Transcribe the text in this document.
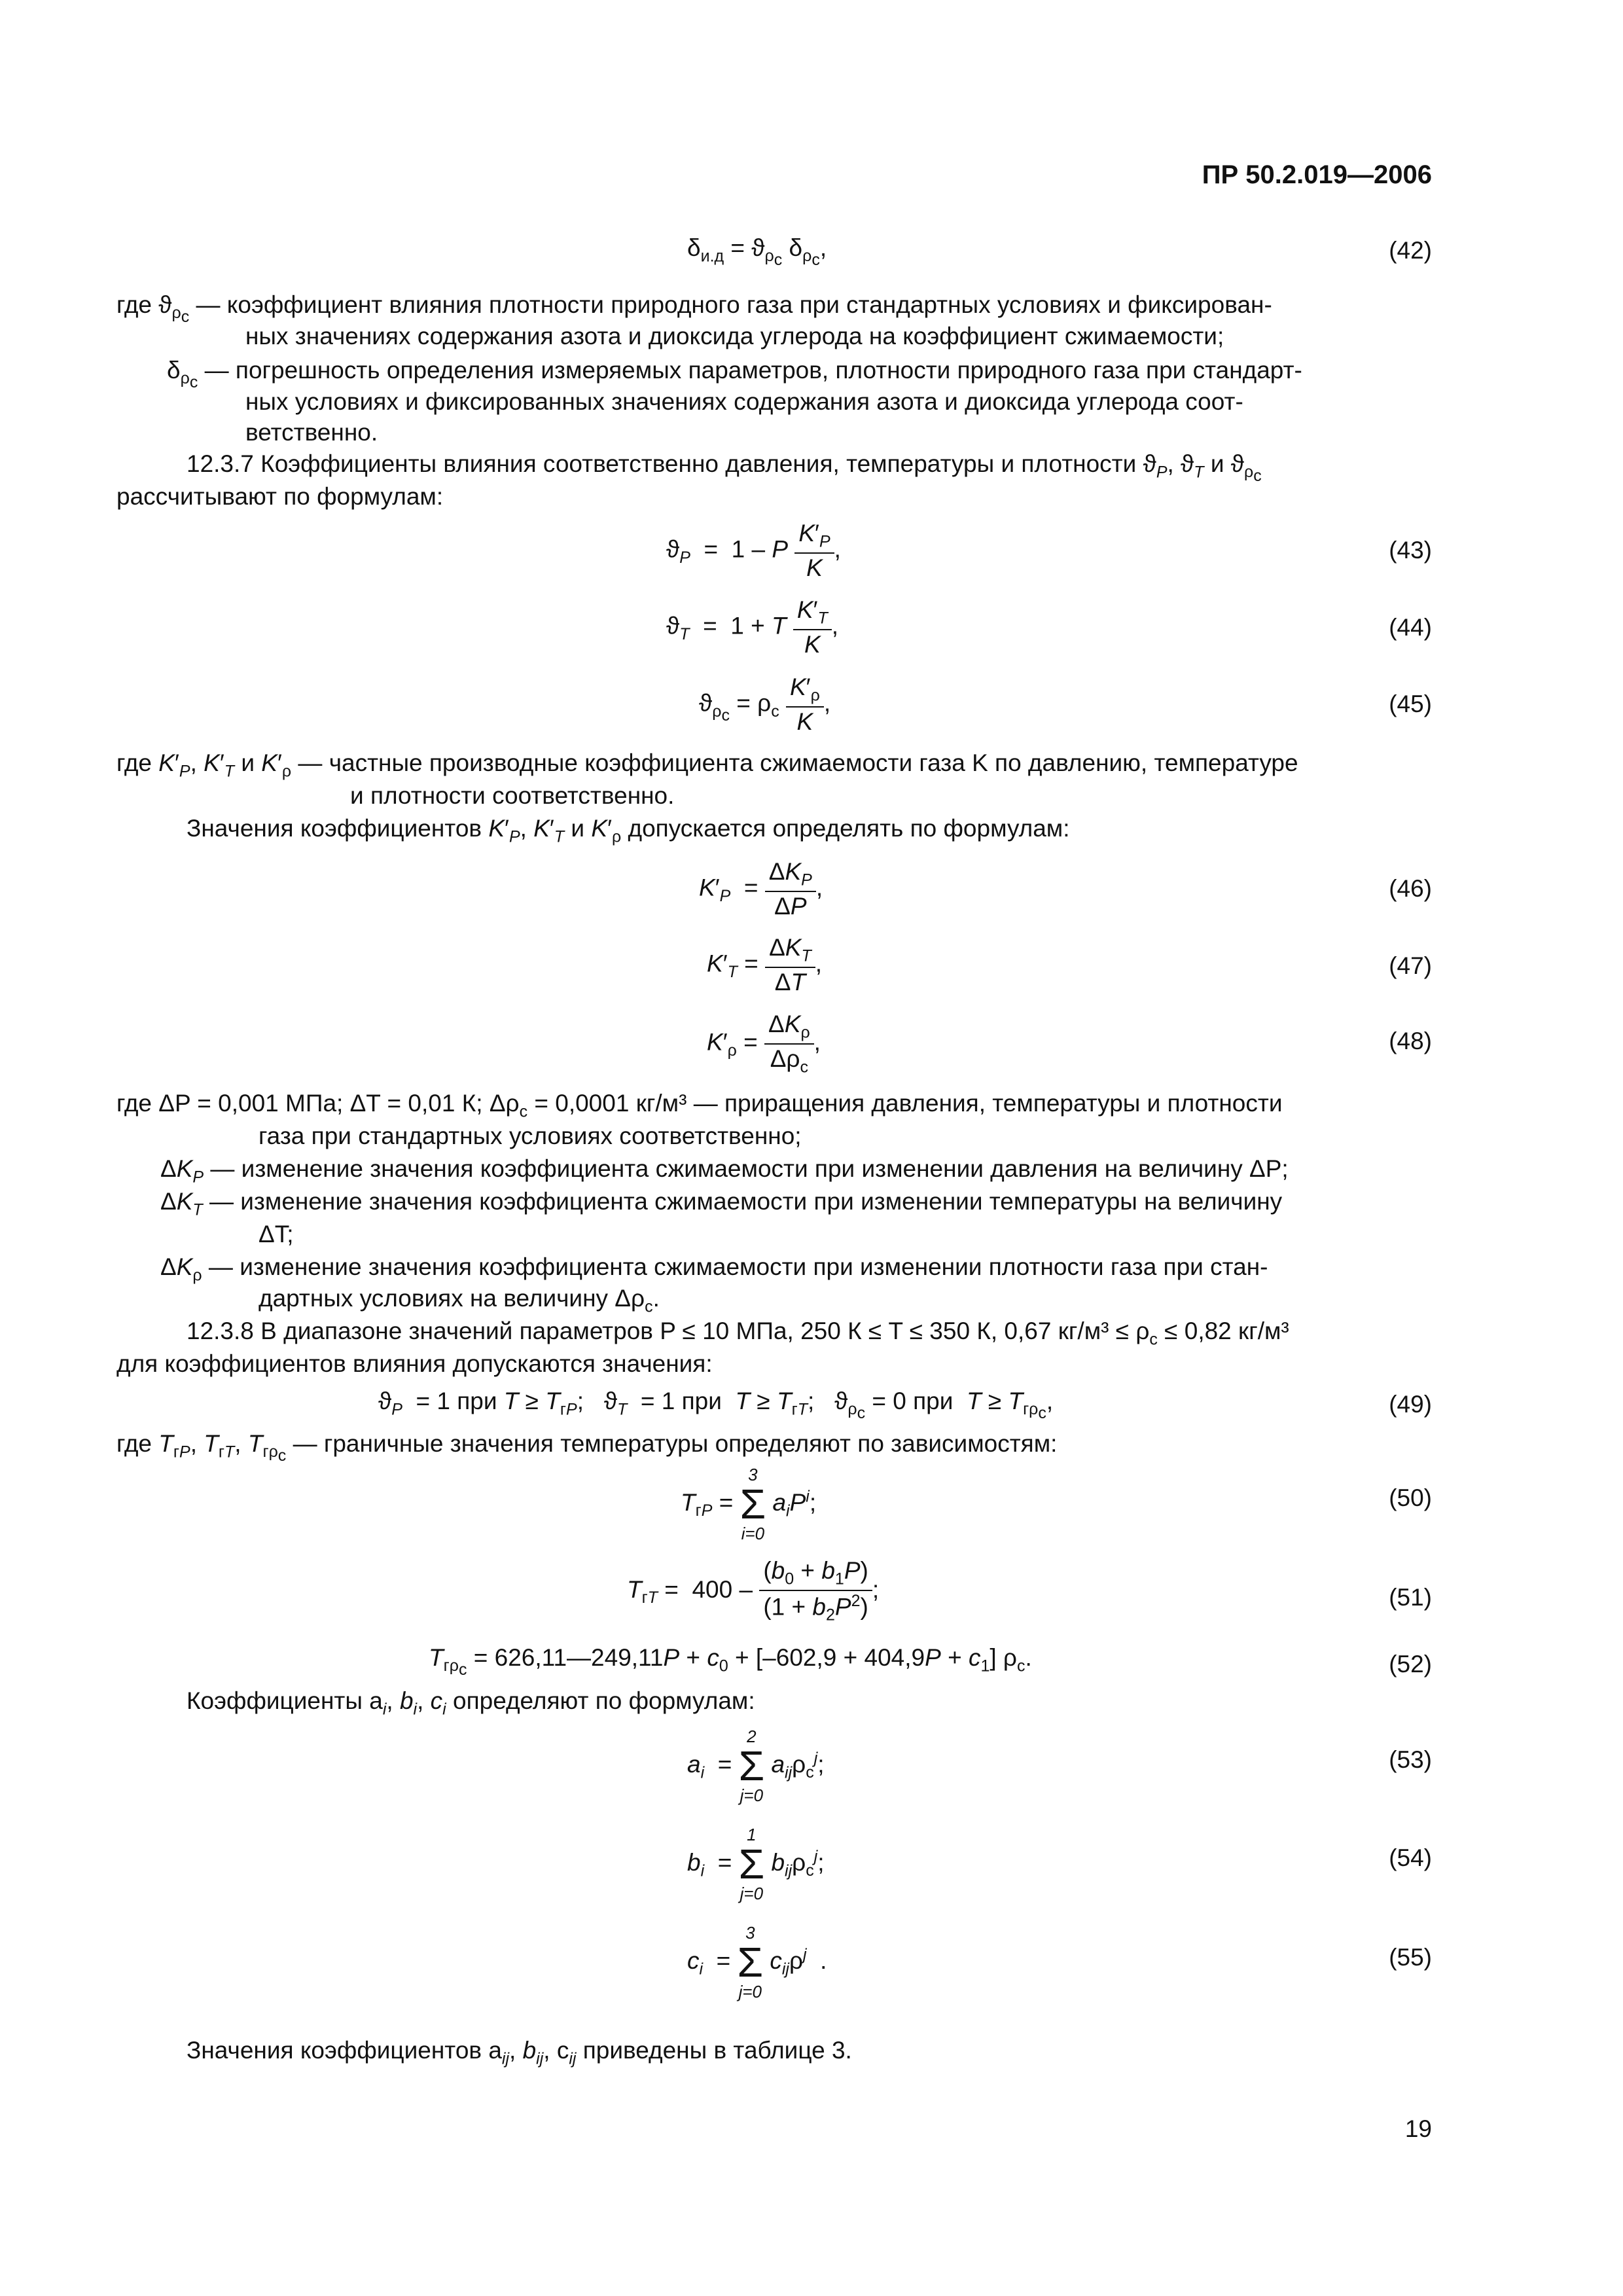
ПР 50.2.019—2006
$\delta_{и.д} = ϑ_{\rho_с}$ $\delta_{\rho_с}$,	(42)
где $ϑ_{\rho_с}$ — коэффициент влияния плотности природного газа при стандартных условиях и фиксирован-
ных значениях содержания азота и диоксида углерода на коэффициент сжимаемости;
$\delta_{\rho_с}$ — погрешность определения измеряемых параметров, плотности природного газа при стандарт-
ных условиях и фиксированных значениях содержания азота и диоксида углерода соот-
ветственно.
12.3.7 Коэффициенты влияния соответственно давления, температуры и плотности $ϑ_P$, $ϑ_T$ и $ϑ_{\rho_с}$
рассчитывают по формулам:
$ϑ_P = 1 - P \frac{K'_P}{K}$ ,	(43)
$ϑ_T = 1 + T \frac{K'_T}{K}$ ,	(44)
$ϑ_{\rho_с} = \rho_с \frac{K'_\rho}{K}$ ,	(45)
где $K'_P$, $K'_T$ и $K'_\rho$ — частные производные коэффициента сжимаемости газа K по давлению, температуре
и плотности соответственно.
Значения коэффициентов $K'_P$, $K'_T$ и $K'_\rho$ допускается определять по формулам:
$K'_P = \frac{\Delta K_P}{\Delta P}$ ,	(46)
$K'_T = \frac{\Delta K_T}{\Delta T}$ ,	(47)
$K'_\rho = \frac{\Delta K_\rho}{\Delta\rho_с}$ ,	(48)
где ΔP = 0,001 МПа; ΔT = 0,01 К; $\Delta\rho_с = 0,0001$ кг/м³ — приращения давления, температуры и плотности
газа при стандартных условиях соответственно;
$\Delta K_P$ — изменение значения коэффициента сжимаемости при изменении давления на величину ΔP;
$\Delta K_T$ — изменение значения коэффициента сжимаемости при изменении температуры на величину
ΔT;
$\Delta K_\rho$ — изменение значения коэффициента сжимаемости при изменении плотности газа при стан-
дартных условиях на величину $\Delta\rho_с$.
12.3.8 В диапазоне значений параметров P ≤ 10 МПа, 250 К ≤ T ≤ 350 К, 0,67 $кг/м^3 \le \rho_с \le 0,82$ кг/м³
для коэффициентов влияния допускаются значения:
$ϑ_P = 1$ при $T \ge T_{гP}$;   $ϑ_T = 1$ при  $T \ge T_{гT}$;   $ϑ_{\rho_с} = 0$ при  $T \ge T_{г\rho_с}$,	(49)
где $T_{гP}$, $T_{гT}$, $T_{г\rho_с}$ — граничные значения температуры определяют по зависимостям:
$T_{гP}$ =
3
Σ
i=0
$a_iP^i$;	(50)
$T_{гT} = 400 - \frac{(b_0 + b_1P)}{(1 + b_2P^2)}$ ;	(51)
$T_{г\rho_с}$ = 626,11—249,11P + $c_0 + [-602,9 + 404,9P + c_1]$ $\rho_с$.	(52)
Коэффициенты $a_i$, $b_i$, $c_i$ определяют по формулам:
$a_i$  =
2
Σ
j=0
$a_{ij}\rho_с^j$;	(53)
$b_i$  =
1
Σ
j=0
$b_{ij}\rho_с^j$;	(54)
$c_i$  =
3
Σ
j=0
$c_{ij}\rho^j$  .	(55)
Значения коэффициентов $a_{ij}$, $b_{ij}$, $c_{ij}$ приведены в таблице 3.
19
